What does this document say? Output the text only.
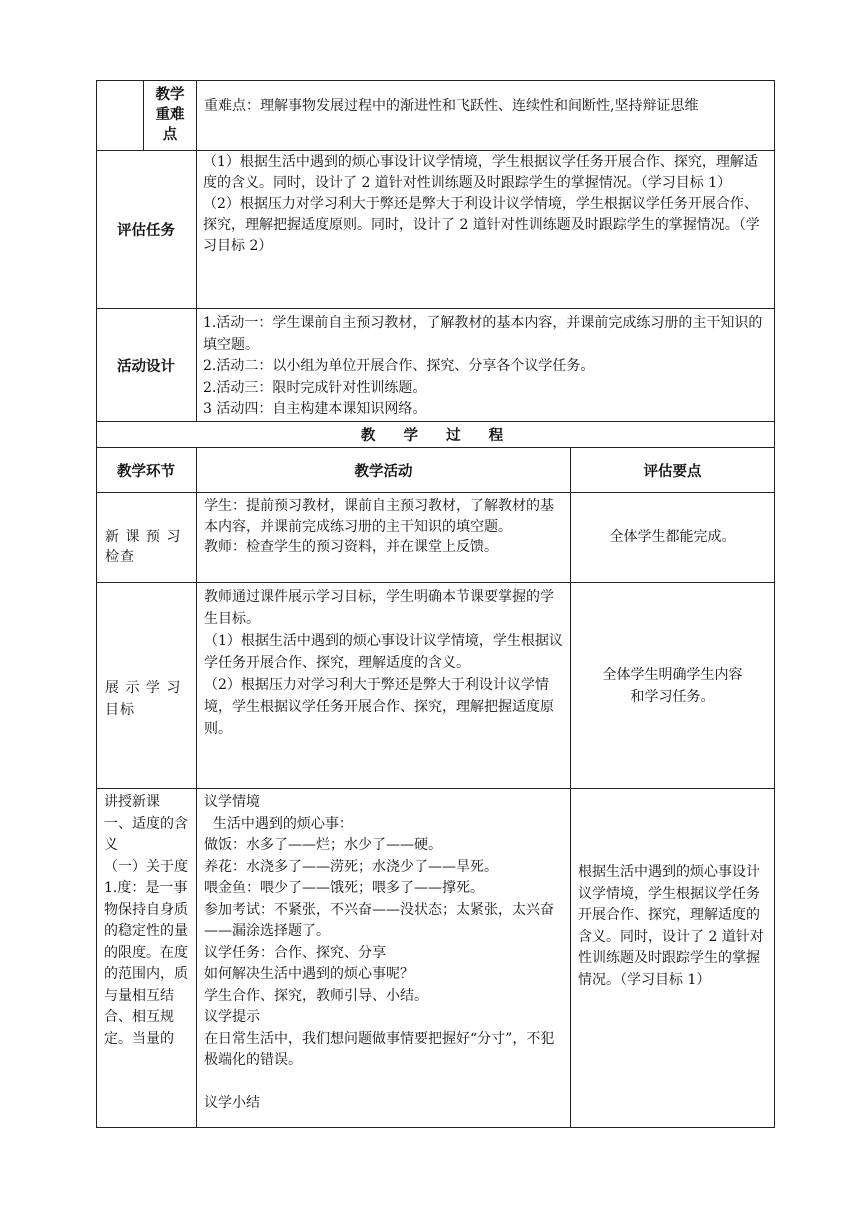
教学
重难
点
重难点：理解事物发展过程中的渐进性和飞跃性、连续性和间断性,坚持辩证思维
评估任务
（1）根据生活中遇到的烦心事设计议学情境，学生根据议学任务开展合作、探究，理解适度的含义。同时，设计了 2 道针对性训练题及时跟踪学生的掌握情况。（学习目标 1）
（2）根据压力对学习利大于弊还是弊大于利设计议学情境，学生根据议学任务开展合作、探究，理解把握适度原则。同时，设计了 2 道针对性训练题及时跟踪学生的掌握情况。（学习目标 2）
活动设计
1.活动一：学生课前自主预习教材，了解教材的基本内容，并课前完成练习册的主干知识的填空题。
2.活动二：以小组为单位开展合作、探究、分享各个议学任务。
2.活动三：限时完成针对性训练题。
3 活动四：自主构建本课知识网络。
教  学  过  程
教学环节	教学活动	评估要点
新 课 预 习
检查
学生：提前预习教材，课前自主预习教材，了解教材的基本内容，并课前完成练习册的主干知识的填空题。
教师：检查学生的预习资料，并在课堂上反馈。
全体学生都能完成。
展 示 学 习
目标
教师通过课件展示学习目标，学生明确本节课要掌握的学生目标。
（1）根据生活中遇到的烦心事设计议学情境，学生根据议学任务开展合作、探究，理解适度的含义。
（2）根据压力对学习利大于弊还是弊大于利设计议学情境，学生根据议学任务开展合作、探究，理解把握适度原则。
全体学生明确学生内容
和学习任务。
讲授新课
一、适度的含义
（一）关于度
1.度：是一事物保持自身质的稳定性的量的限度。在度的范围内，质与量相互结合、相互规定。当量的
议学情境
生活中遇到的烦心事：
做饭：水多了——烂；水少了——硬。
养花：水浇多了——涝死；水浇少了——旱死。
喂金鱼：喂少了——饿死；喂多了——撑死。
参加考试：不紧张，不兴奋——没状态；太紧张，太兴奋——漏涂选择题了。
议学任务：合作、探究、分享
如何解决生活中遇到的烦心事呢？
学生合作、探究，教师引导、小结。
议学提示
在日常生活中，我们想问题做事情要把握好“分寸”，不犯极端化的错误。

议学小结
根据生活中遇到的烦心事设计议学情境，学生根据议学任务开展合作、探究，理解适度的含义。同时，设计了 2 道针对性训练题及时跟踪学生的掌握情况。（学习目标 1）
